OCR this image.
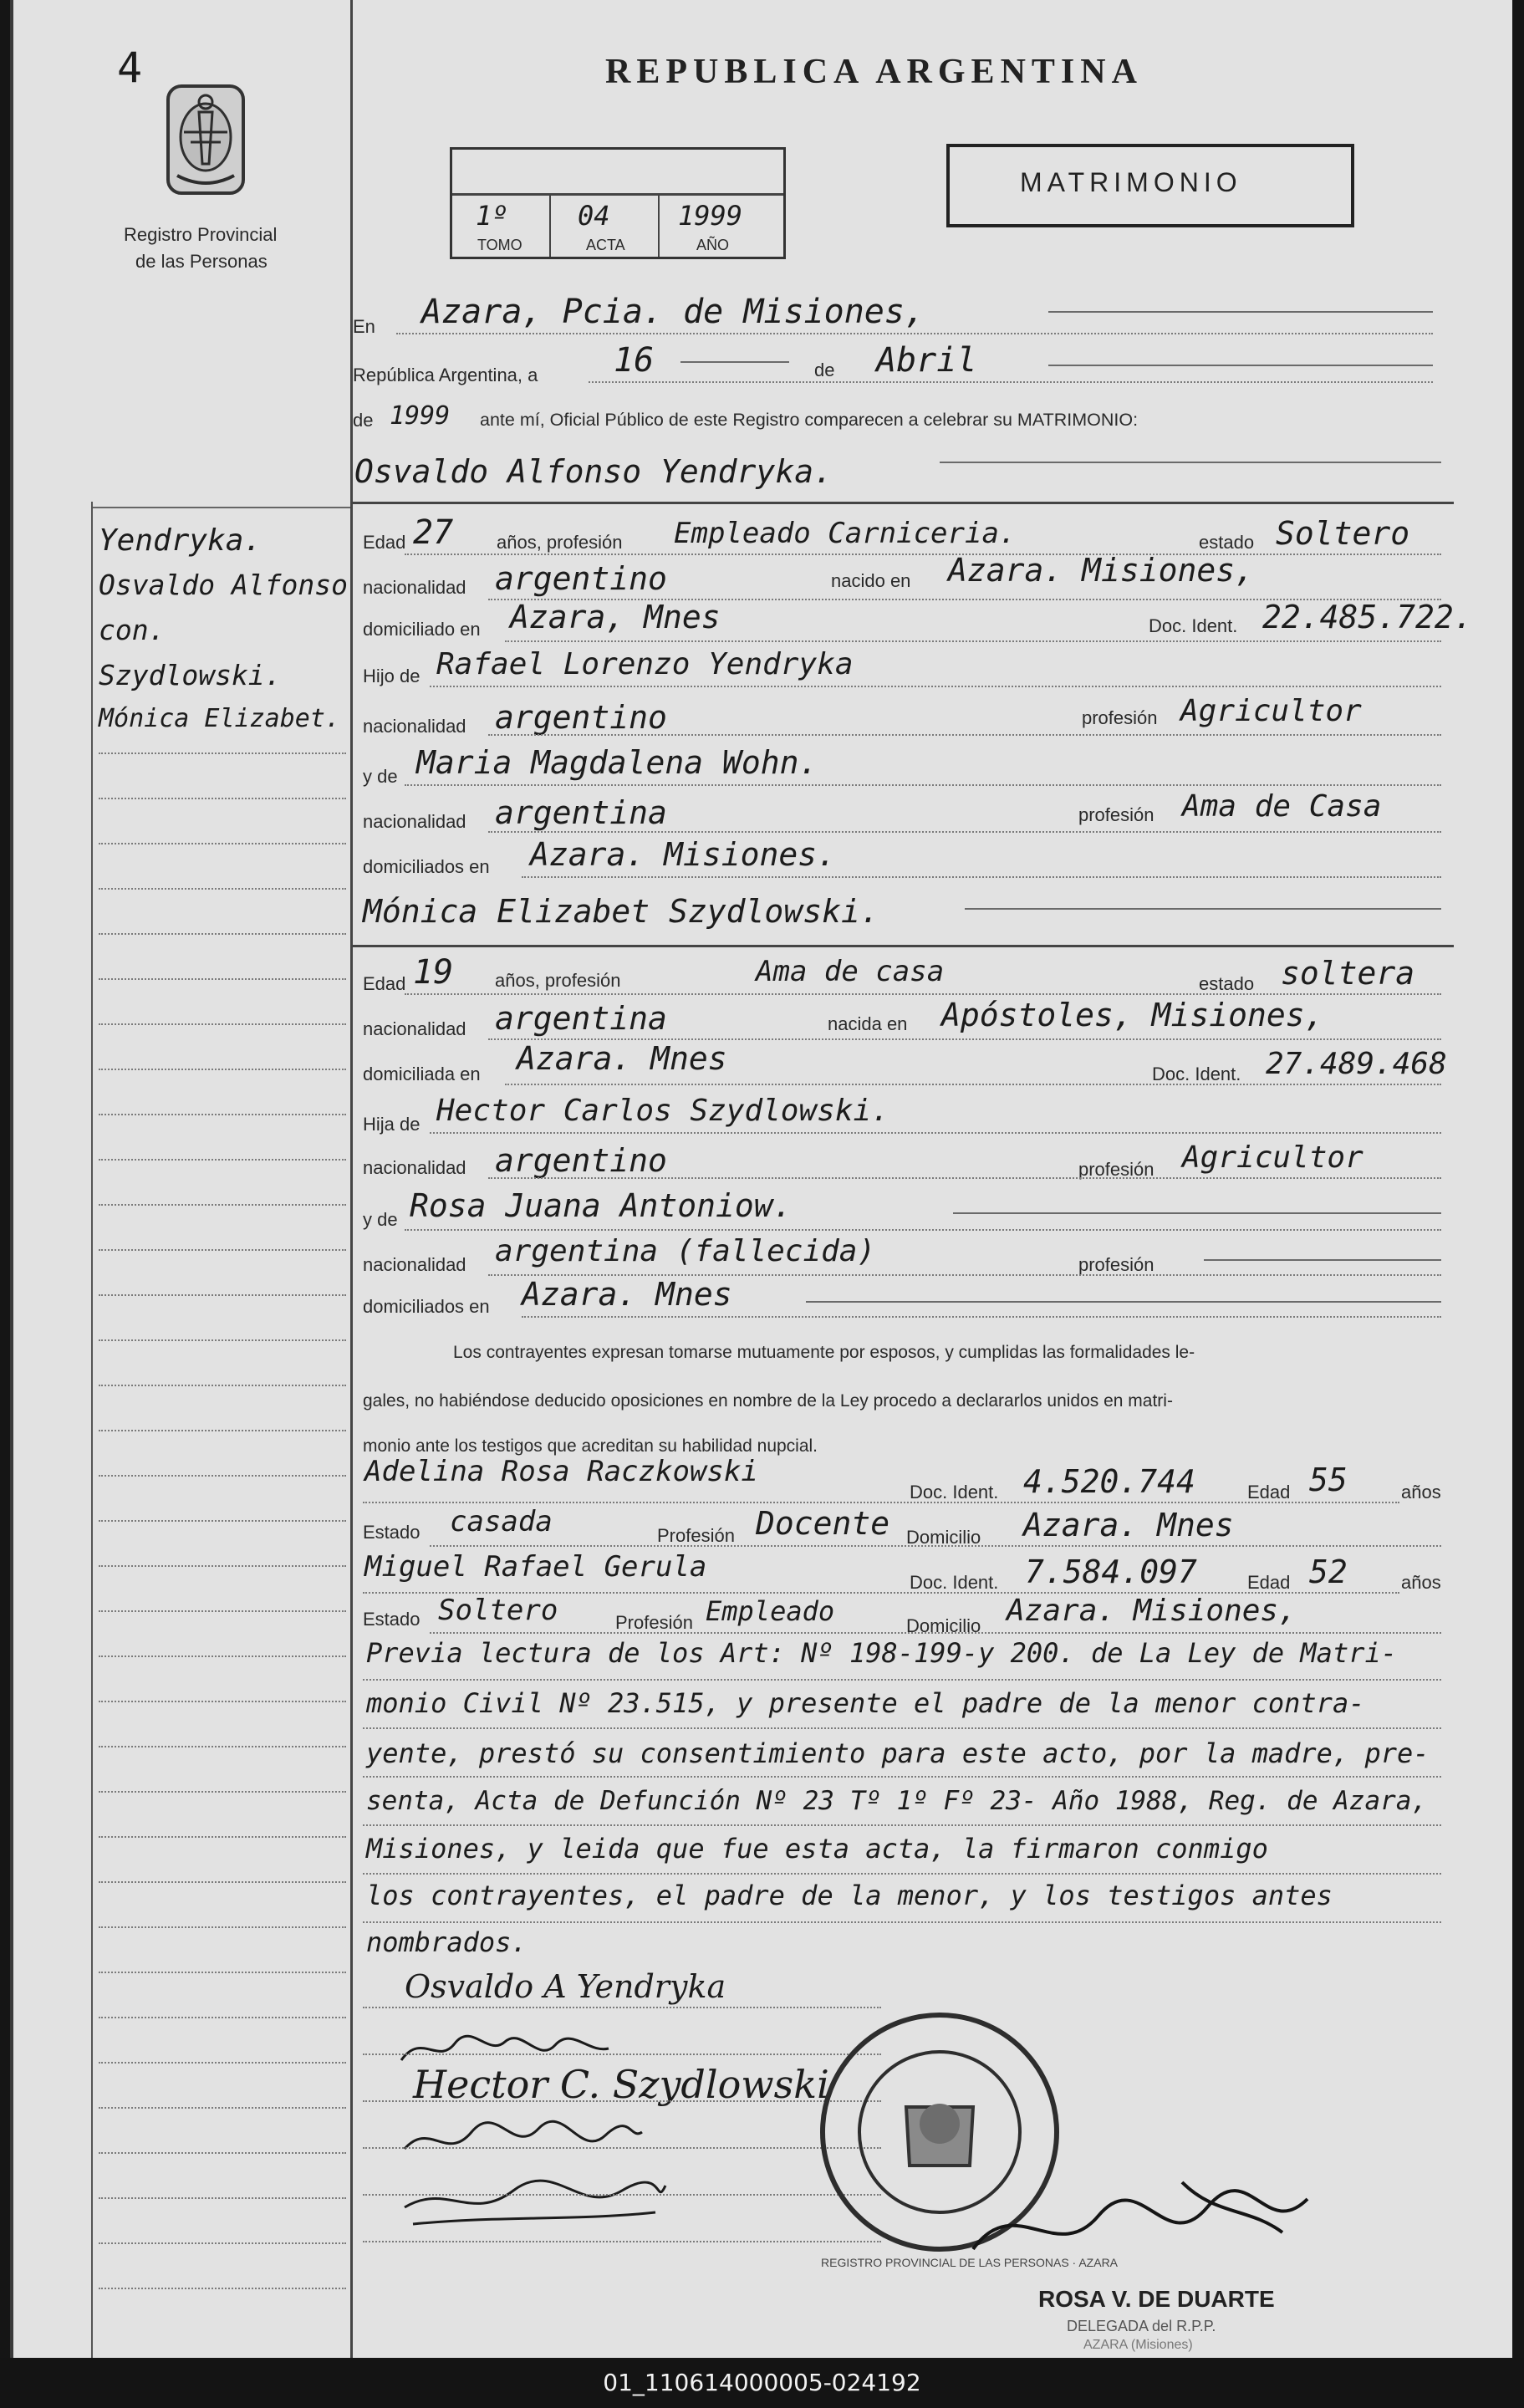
4	REPUBLICA ARGENTINA
Registro Provincial
de las Personas
1º	04	1999
TOMO	ACTA	AÑO
MATRIMONIO
En Azara, Pcia. de Misiones,
República Argentina, a 16	de Abril
de 1999 ante mí, Oficial Público de este Registro comparecen a celebrar su MATRIMONIO:
Osvaldo Alfonso Yendryka.
Yendryka.
Osvaldo Alfonso
con.
Szydlowski.
Mónica Elizabet.
Edad 27 años, profesión Empleado Carniceria.	estado Soltero
nacionalidad argentino	nacido en Azara. Misiones,
domiciliado en Azara, Mnes	Doc. Ident. 22.485.722.
Hijo de Rafael Lorenzo Yendryka
nacionalidad argentino	profesión Agricultor
y de Maria Magdalena Wohn.
nacionalidad argentina	profesión Ama de Casa
domiciliados en Azara. Misiones.
Mónica Elizabet Szydlowski.
Edad 19 años, profesión	Ama de casa	estado soltera
nacionalidad argentina	nacida en Apóstoles, Misiones,
domiciliada en Azara. Mnes	Doc. Ident. 27.489.468
Hija de Hector Carlos Szydlowski.
nacionalidad argentino	profesión Agricultor
y de Rosa Juana Antoniow.
nacionalidad argentina (fallecida)	profesión
domiciliados en Azara. Mnes
Los contrayentes expresan tomarse mutuamente por esposos, y cumplidas las formalidades le-
gales, no habiéndose deducido oposiciones en nombre de la Ley procedo a declararlos unidos en matri-
monio ante los testigos que acreditan su habilidad nupcial.
Adelina Rosa Raczkowski
Doc. Ident. 4.520.744	Edad 55	años
Estado casada	Profesión Docente Domicilio Azara. Mnes
Miguel Rafael Gerula	Doc. Ident. 7.584.097	Edad 52	años
Estado Soltero	Profesión Empleado	Domicilio Azara. Misiones,
Previa lectura de los Art: Nº 198-199-y 200. de La Ley de Matri-
monio Civil Nº 23.515, y presente el padre de la menor contra-
yente, prestó su consentimiento para este acto, por la madre, pre-
senta, Acta de Defunción Nº 23 Tº 1º Fº 23- Año 1988, Reg. de Azara,
Misiones, y leida que fue esta acta, la firmaron conmigo
los contrayentes, el padre de la menor, y los testigos antes
nombrados.
Osvaldo A Yendryka
Hector C. Szydlowski
REGISTRO PROVINCIAL DE LAS PERSONAS · AZARA
ROSA V. DE DUARTE
DELEGADA del R.P.P.
AZARA (Misiones)
01_110614000005-024192
